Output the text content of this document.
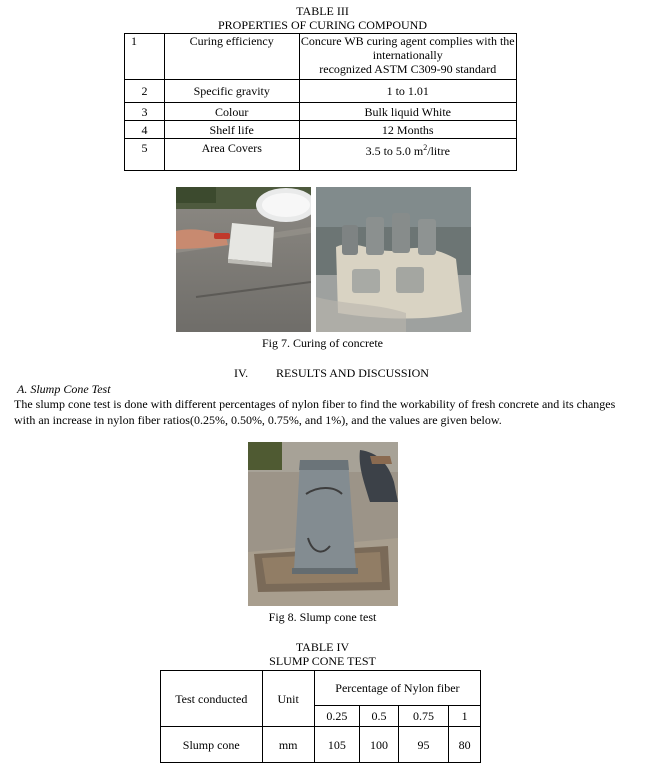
TABLE III
PROPERTIES OF CURING COMPOUND
1	Curing efficiency	Concure WB curing agent complies with the
internationally
recognized ASTM C309-90 standard

2	Specific gravity	1 to 1.01
3	Colour	Bulk liquid White
4	Shelf life	12 Months
5	Area Covers	3.5 to 5.0 $m^2$/litre
Fig 7. Curing of concrete
IV. RESULTS AND DISCUSSION
A. Slump Cone Test
The slump cone test is done with different percentages of nylon fiber to find the workability of fresh concrete and its changes with an increase in nylon fiber ratios(0.25%, 0.50%, 0.75%, and 1%), and the values are given below.
Fig 8. Slump cone test
TABLE IV
SLUMP CONE TEST
Test conducted	Unit	Percentage of Nylon fiber			
		0.25	0.5	0.75	1
Slump cone	mm	105	100	95	80
